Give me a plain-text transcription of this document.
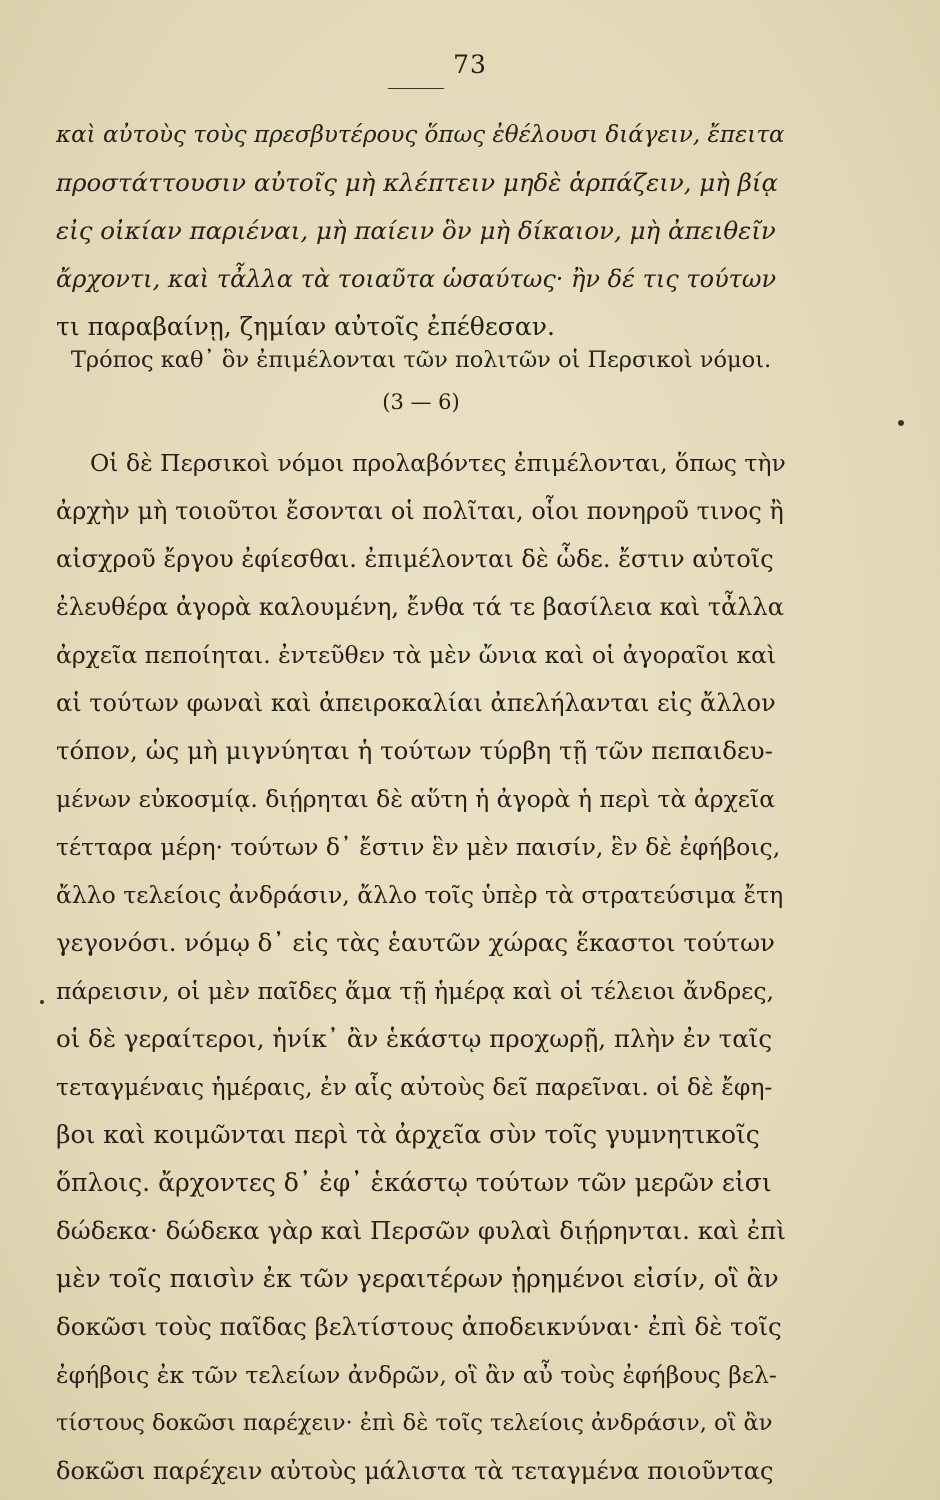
73
καὶ αὐτοὺς τοὺς πρεσβυτέρους ὅπως ἐθέλουσι διάγειν, ἔπειτα
προστάττουσιν αὐτοῖς μὴ κλέπτειν μηδὲ ἁρπάζειν, μὴ βίᾳ
εἰς οἰκίαν παριέναι, μὴ παίειν ὃν μὴ δίκαιον, μὴ ἀπειθεῖν
ἄρχοντι, καὶ τἆλλα τὰ τοιαῦτα ὡσαύτως· ἢν δέ τις τούτων
τι παραβαίνῃ, ζημίαν αὐτοῖς ἐπέθεσαν.
Τρόπος καθ᾽ ὃν ἐπιμέλονται τῶν πολιτῶν οἱ Περσικοὶ νόμοι.
(3 — 6)
Οἱ δὲ Περσικοὶ νόμοι προλαβόντες ἐπιμέλονται, ὅπως τὴν
ἀρχὴν μὴ τοιοῦτοι ἔσονται οἱ πολῖται, οἷοι πονηροῦ τινος ἢ
αἰσχροῦ ἔργου ἐφίεσθαι. ἐπιμέλονται δὲ ὧδε. ἔστιν αὐτοῖς
ἐλευθέρα ἀγορὰ καλουμένη, ἔνθα τά τε βασίλεια καὶ τἆλλα
ἀρχεῖα πεποίηται. ἐντεῦθεν τὰ μὲν ὤνια καὶ οἱ ἀγοραῖοι καὶ
αἱ τούτων φωναὶ καὶ ἀπειροκαλίαι ἀπελήλανται εἰς ἄλλον
τόπον, ὡς μὴ μιγνύηται ἡ τούτων τύρβη τῇ τῶν πεπαιδευ-
μένων εὐκοσμίᾳ. διῄρηται δὲ αὕτη ἡ ἀγορὰ ἡ περὶ τὰ ἀρχεῖα
τέτταρα μέρη· τούτων δ᾽ ἔστιν ἓν μὲν παισίν, ἓν δὲ ἐφήβοις,
ἄλλο τελείοις ἀνδράσιν, ἄλλο τοῖς ὑπὲρ τὰ στρατεύσιμα ἔτη
γεγονόσι. νόμῳ δ᾽ εἰς τὰς ἑαυτῶν χώρας ἕκαστοι τούτων
πάρεισιν, οἱ μὲν παῖδες ἅμα τῇ ἡμέρᾳ καὶ οἱ τέλειοι ἄνδρες,
οἱ δὲ γεραίτεροι, ἡνίκ᾽ ἂν ἑκάστῳ προχωρῇ, πλὴν ἐν ταῖς
τεταγμέναις ἡμέραις, ἐν αἷς αὐτοὺς δεῖ παρεῖναι. οἱ δὲ ἔφη-
βοι καὶ κοιμῶνται περὶ τὰ ἀρχεῖα σὺν τοῖς γυμνητικοῖς
ὅπλοις. ἄρχοντες δ᾽ ἐφ᾽ ἑκάστῳ τούτων τῶν μερῶν εἰσι
δώδεκα· δώδεκα γὰρ καὶ Περσῶν φυλαὶ διῄρηνται. καὶ ἐπὶ
μὲν τοῖς παισὶν ἐκ τῶν γεραιτέρων ᾑρημένοι εἰσίν, οἳ ἂν
δοκῶσι τοὺς παῖδας βελτίστους ἀποδεικνύναι· ἐπὶ δὲ τοῖς
ἐφήβοις ἐκ τῶν τελείων ἀνδρῶν, οἳ ἂν αὖ τοὺς ἐφήβους βελ-
τίστους δοκῶσι παρέχειν· ἐπὶ δὲ τοῖς τελείοις ἀνδράσιν, οἳ ἂν
δοκῶσι παρέχειν αὐτοὺς μάλιστα τὰ τεταγμένα ποιοῦντας
